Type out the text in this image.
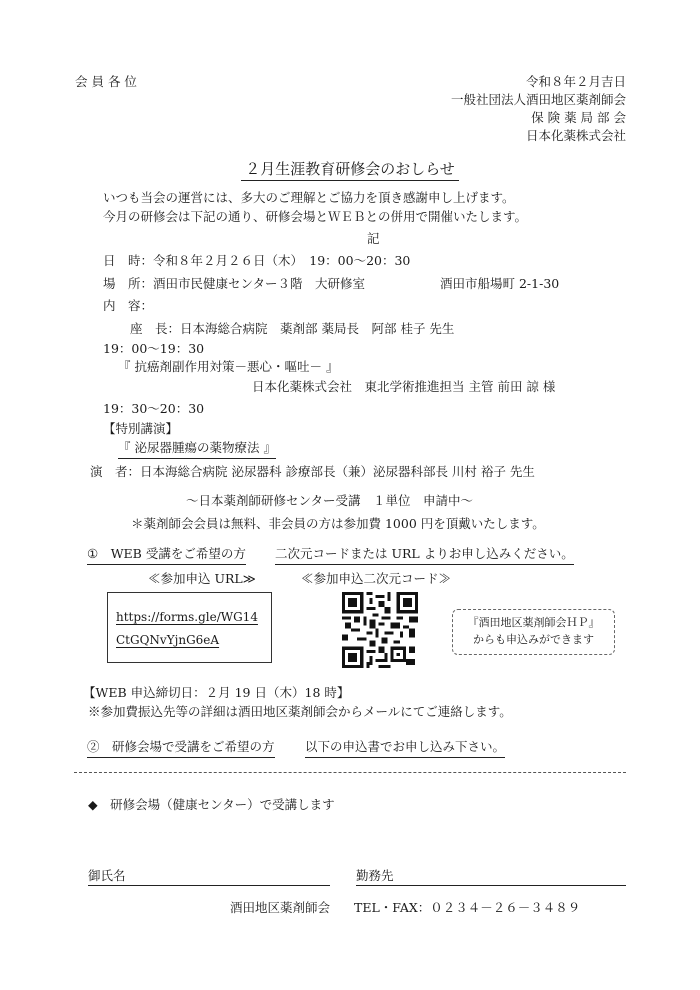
会 員 各 位	令和８年２月吉日
一般社団法人酒田地区薬剤師会
保 険 薬 局 部 会
日本化薬株式会社
２月生涯教育研修会のおしらせ
いつも当会の運営には、多大のご理解とご協力を頂き感謝申し上げます。
今月の研修会は下記の通り、研修会場とＷＥＢとの併用で開催いたします。
記
日　時：令和８年２月２６日（木）　19：00～20：30
場　所：酒田市民健康センター３階　大研修室	酒田市船場町 2-1-30
内　容：
座　長：日本海総合病院　薬剤部 薬局長　阿部 桂子 先生
19：00～19：30
『 抗癌剤副作用対策－悪心・嘔吐－ 』
日本化薬株式会社　東北学術推進担当 主管 前田 諒 様
19：30～20：30
【特別講演】
『 泌尿器腫瘍の薬物療法 』
演　者：日本海総合病院 泌尿器科 診療部長（兼）泌尿器科部長 川村 裕子 先生
～日本薬剤師研修センター受講　１単位　申請中～
＊薬剤師会会員は無料、非会員の方は参加費 1000 円を頂戴いたします。
①　WEB 受講をご希望の方 二次元コードまたは URL よりお申し込みください。
≪参加申込 URL≫	≪参加申込二次元コード≫
https://forms.gle/WG14
CtGQNvYjnG6eA
『酒田地区薬剤師会ＨＰ』
からも申込みができます
【WEB 申込締切日：２月 19 日（木）18 時】
※参加費振込先等の詳細は酒田地区薬剤師会からメールにてご連絡します。
②　研修会場で受講をご希望の方 以下の申込書でお申し込み下さい。
◆　研修会場（健康センター）で受講します
御氏名	勤務先
酒田地区薬剤師会 TEL・FAX：０２３４－２６－３４８９
